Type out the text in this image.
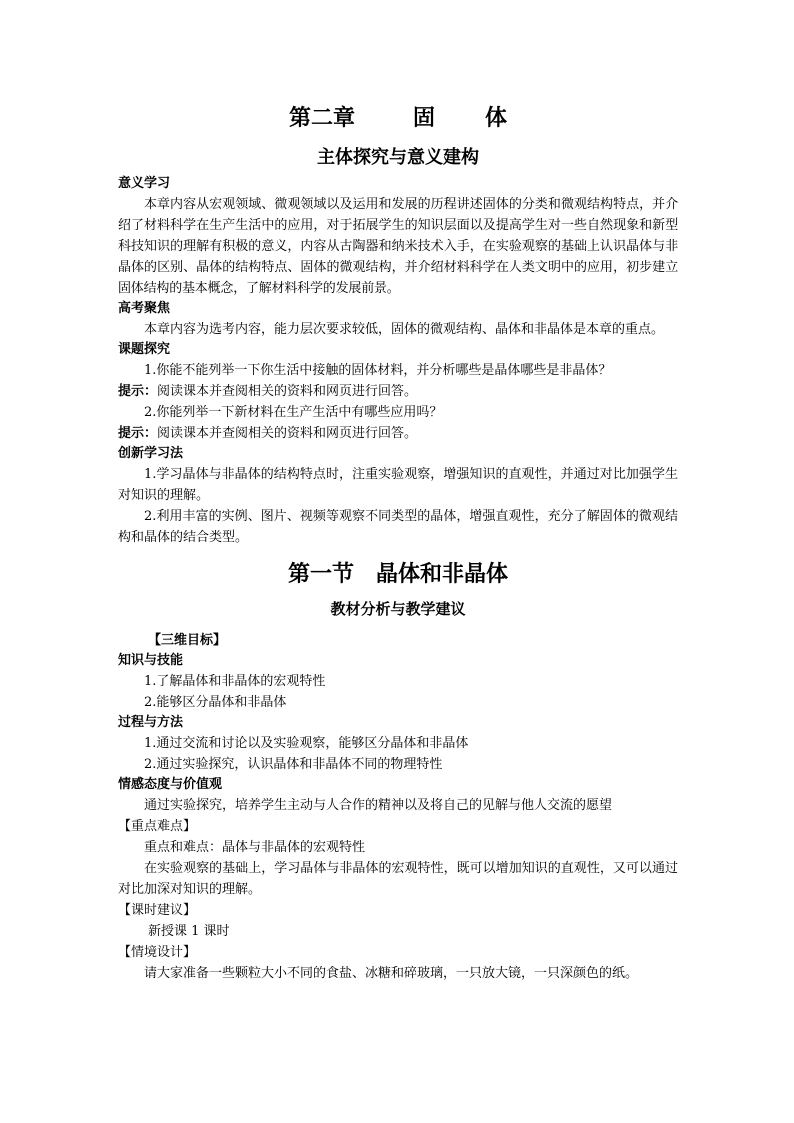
第二章	固 体
主体探究与意义建构

意义学习

本章内容从宏观领域、微观领域以及运用和发展的历程讲述固体的分类和微观结构特点，并介绍了材料科学在生产生活中的应用，对于拓展学生的知识层面以及提高学生对一些自然现象和新型科技知识的理解有积极的意义，内容从古陶器和纳米技术入手，在实验观察的基础上认识晶体与非晶体的区别、晶体的结构特点、固体的微观结构，并介绍材料科学在人类文明中的应用，初步建立固体结构的基本概念，了解材料科学的发展前景。

高考聚焦

本章内容为选考内容，能力层次要求较低，固体的微观结构、晶体和非晶体是本章的重点。

课题探究

1.你能不能列举一下你生活中接触的固体材料，并分析哪些是晶体哪些是非晶体？

提示：阅读课本并查阅相关的资料和网页进行回答。

2.你能列举一下新材料在生产生活中有哪些应用吗？

提示：阅读课本并查阅相关的资料和网页进行回答。

创新学习法

1.学习晶体与非晶体的结构特点时，注重实验观察，增强知识的直观性，并通过对比加强学生对知识的理解。

2.利用丰富的实例、图片、视频等观察不同类型的晶体，增强直观性，充分了解固体的微观结构和晶体的结合类型。

第一节 晶体和非晶体
教材分析与教学建议

【三维目标】

知识与技能

1.了解晶体和非晶体的宏观特性

2.能够区分晶体和非晶体

过程与方法

1.通过交流和讨论以及实验观察，能够区分晶体和非晶体

2.通过实验探究，认识晶体和非晶体不同的物理特性

情感态度与价值观

通过实验探究，培养学生主动与人合作的精神以及将自己的见解与他人交流的愿望

【重点难点】

重点和难点：晶体与非晶体的宏观特性

在实验观察的基础上，学习晶体与非晶体的宏观特性，既可以增加知识的直观性，又可以通过对比加深对知识的理解。

【课时建议】

新授课 1 课时

【情境设计】

请大家准备一些颗粒大小不同的食盐、冰糖和碎玻璃，一只放大镜，一只深颜色的纸。
